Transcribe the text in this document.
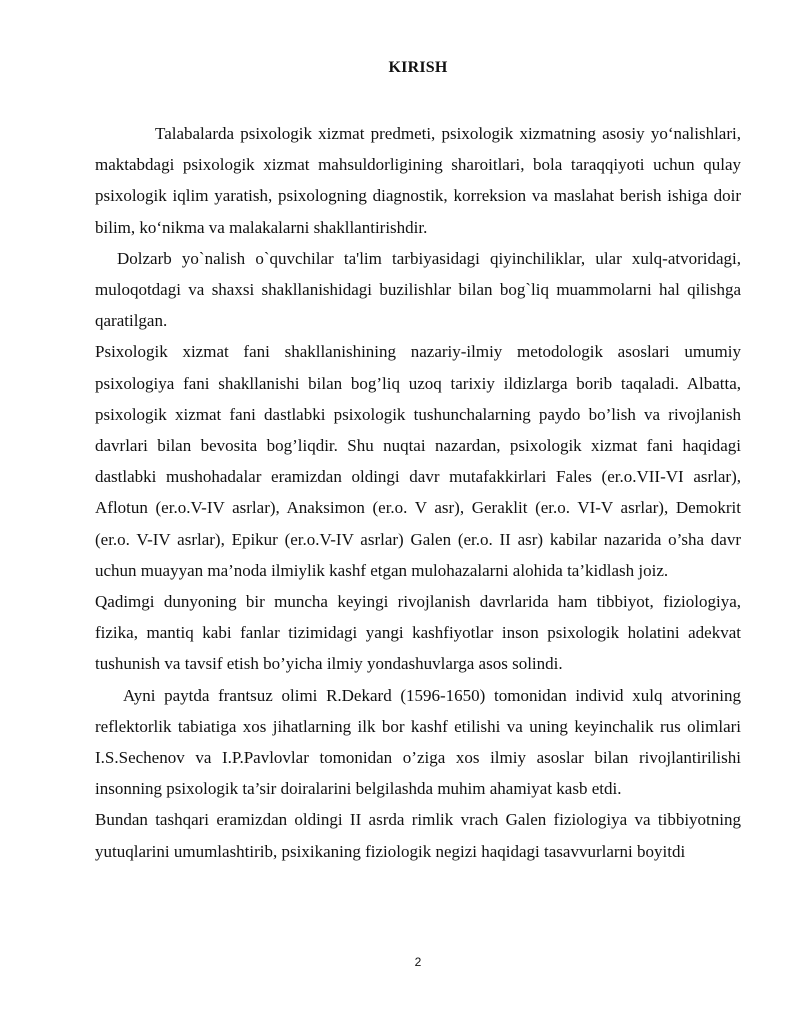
KIRISH

Talabalarda psixologik xizmat predmeti, psixologik xizmatning asosiy yo‘nalishlari, maktabdagi psixologik xizmat mahsuldorligining sharoitlari, bola taraqqiyoti uchun qulay psixologik iqlim yaratish, psixologning diagnostik, korreksion va maslahat berish ishiga doir bilim, ko‘nikma va malakalarni shakllantirishdir.

Dolzarb yo`nalish o`quvchilar ta'lim tarbiyasidagi qiyinchiliklar, ular xulq-atvoridagi, muloqotdagi va shaxsi shakllanishidagi buzilishlar bilan bog`liq muammolarni hal qilishga qaratilgan.

Psixologik xizmat fani shakllanishining nazariy-ilmiy metodologik asoslari umumiy psixologiya fani shakllanishi bilan bog’liq uzoq tarixiy ildizlarga borib taqaladi. Albatta, psixologik xizmat fani dastlabki psixologik tushunchalarning paydo bo’lish va rivojlanish davrlari bilan bevosita bog’liqdir. Shu nuqtai nazardan, psixologik xizmat fani haqidagi dastlabki mushohadalar eramizdan oldingi davr mutafakkirlari Fales (er.o.VII-VI asrlar), Aflotun (er.o.V-IV asrlar), Anaksimon (er.o. V asr), Geraklit (er.o. VI-V asrlar), Demokrit (er.o. V-IV asrlar), Epikur (er.o.V-IV asrlar) Galen (er.o. II asr) kabilar nazarida o’sha davr uchun muayyan ma’noda ilmiylik kashf etgan mulohazalarni alohida ta’kidlash joiz.

Qadimgi dunyoning bir muncha keyingi rivojlanish davrlarida ham tibbiyot, fiziologiya, fizika, mantiq kabi fanlar tizimidagi yangi kashfiyotlar inson psixologik holatini adekvat tushunish va tavsif etish bo’yicha ilmiy yondashuvlarga asos solindi.

Ayni paytda frantsuz olimi R.Dekard (1596-1650) tomonidan individ xulq atvorining reflektorlik tabiatiga xos jihatlarning ilk bor kashf etilishi va uning keyinchalik rus olimlari I.S.Sechenov va I.P.Pavlovlar tomonidan o’ziga xos ilmiy asoslar bilan rivojlantirilishi insonning psixologik ta’sir doiralarini belgilashda muhim ahamiyat kasb etdi.

Bundan tashqari eramizdan oldingi II asrda rimlik vrach Galen fiziologiya va tibbiyotning yutuqlarini umumlashtirib, psixikaning fiziologik negizi haqidagi tasavvurlarni boyitdi

2
